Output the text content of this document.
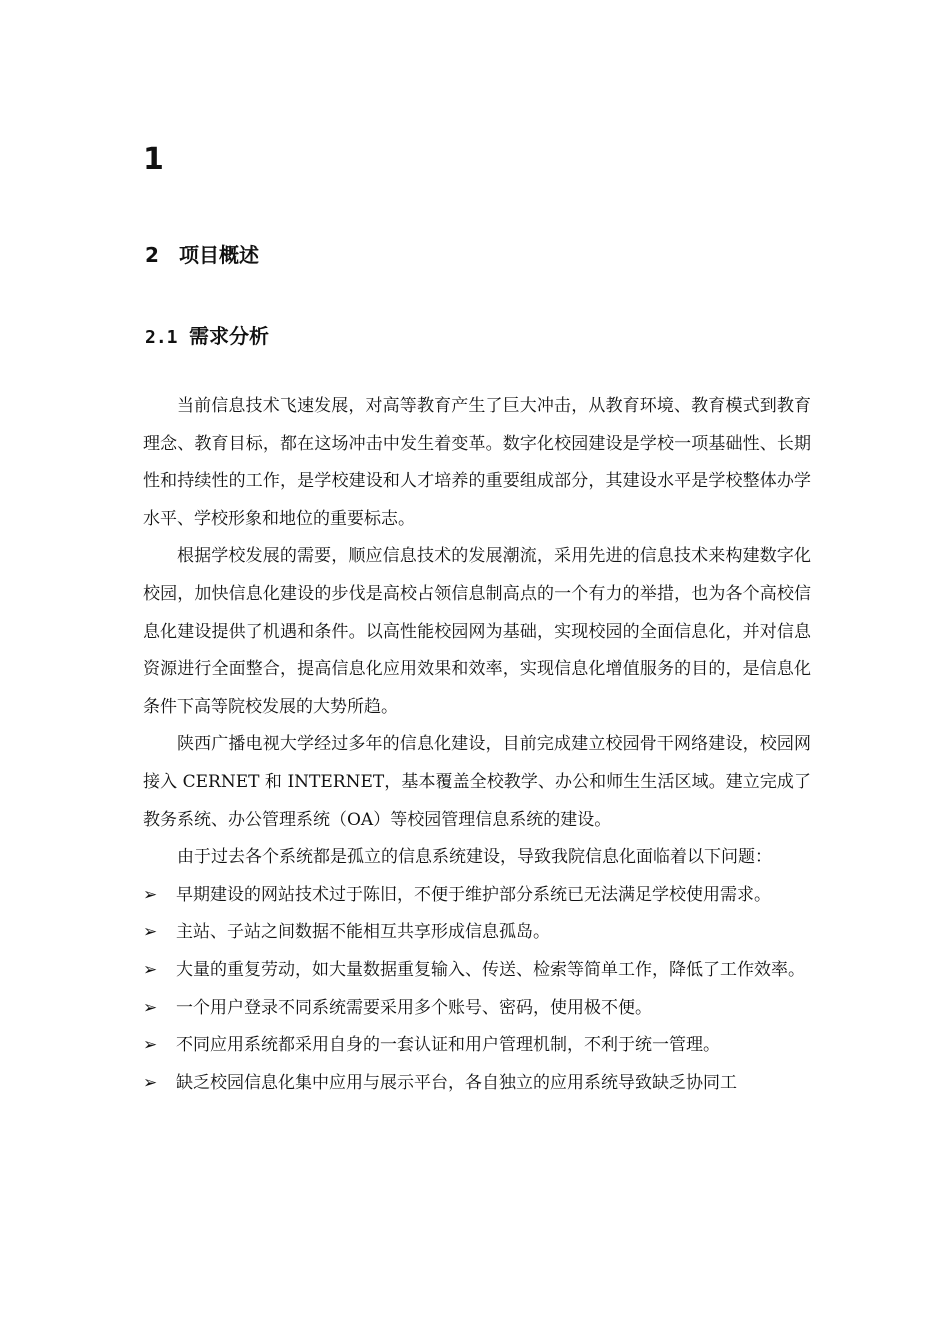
1
2 项目概述
2.1 需求分析

当前信息技术飞速发展，对高等教育产生了巨大冲击，从教育环境、教育模式到教育理念、教育目标，都在这场冲击中发生着变革。数字化校园建设是学校一项基础性、长期性和持续性的工作，是学校建设和人才培养的重要组成部分，其建设水平是学校整体办学水平、学校形象和地位的重要标志。

根据学校发展的需要，顺应信息技术的发展潮流，采用先进的信息技术来构建数字化校园，加快信息化建设的步伐是高校占领信息制高点的一个有力的举措，也为各个高校信息化建设提供了机遇和条件。以高性能校园网为基础，实现校园的全面信息化，并对信息资源进行全面整合，提高信息化应用效果和效率，实现信息化增值服务的目的，是信息化条件下高等院校发展的大势所趋。

陕西广播电视大学经过多年的信息化建设，目前完成建立校园骨干网络建设，校园网接入 CERNET 和 INTERNET，基本覆盖全校教学、办公和师生生活区域。建立完成了教务系统、办公管理系统（OA）等校园管理信息系统的建设。

由于过去各个系统都是孤立的信息系统建设，导致我院信息化面临着以下问题：

➢	早期建设的网站技术过于陈旧，不便于维护部分系统已无法满足学校使用需求。
➢	主站、子站之间数据不能相互共享形成信息孤岛。
➢	大量的重复劳动，如大量数据重复输入、传送、检索等简单工作，降低了工作效率。
➢	一个用户登录不同系统需要采用多个账号、密码，使用极不便。
➢	不同应用系统都采用自身的一套认证和用户管理机制，不利于统一管理。
➢	缺乏校园信息化集中应用与展示平台，各自独立的应用系统导致缺乏协同工
